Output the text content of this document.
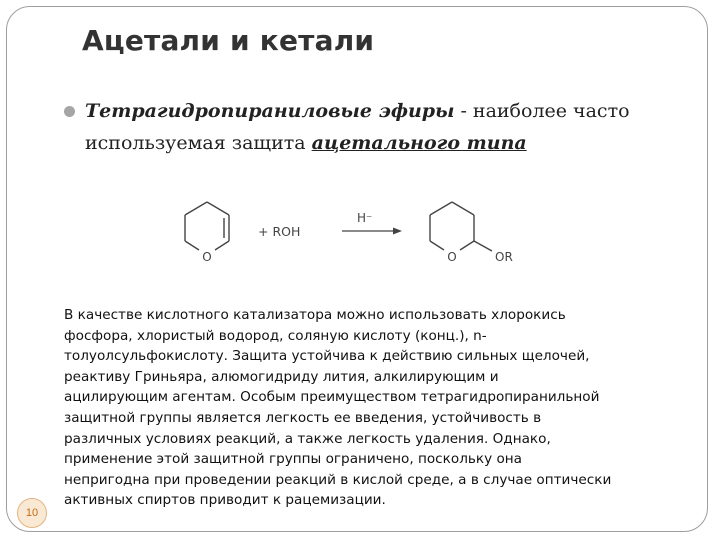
Ацетали и кетали
Тетрагидропираниловые эфиры - наиболее часто используемая защита ацетального типа
O
+ ROH
H⁻
O	OR
В качестве кислотного катализатора можно использовать хлорокись
фосфора, хлористый водород, соляную кислоту (конц.), n-
толуолсульфокислоту. Защита устойчива к действию сильных щелочей,
реактиву Гриньяра, алюмогидриду лития, алкилирующим и
ацилирующим агентам. Особым преимуществом тетрагидропиранильной
защитной группы является легкость ее введения, устойчивость в
различных условиях реакций, а также легкость удаления. Однако,
применение этой защитной группы ограничено, поскольку она
непригодна при проведении реакций в кислой среде, а в случае оптически
активных спиртов приводит к рацемизации.
10
